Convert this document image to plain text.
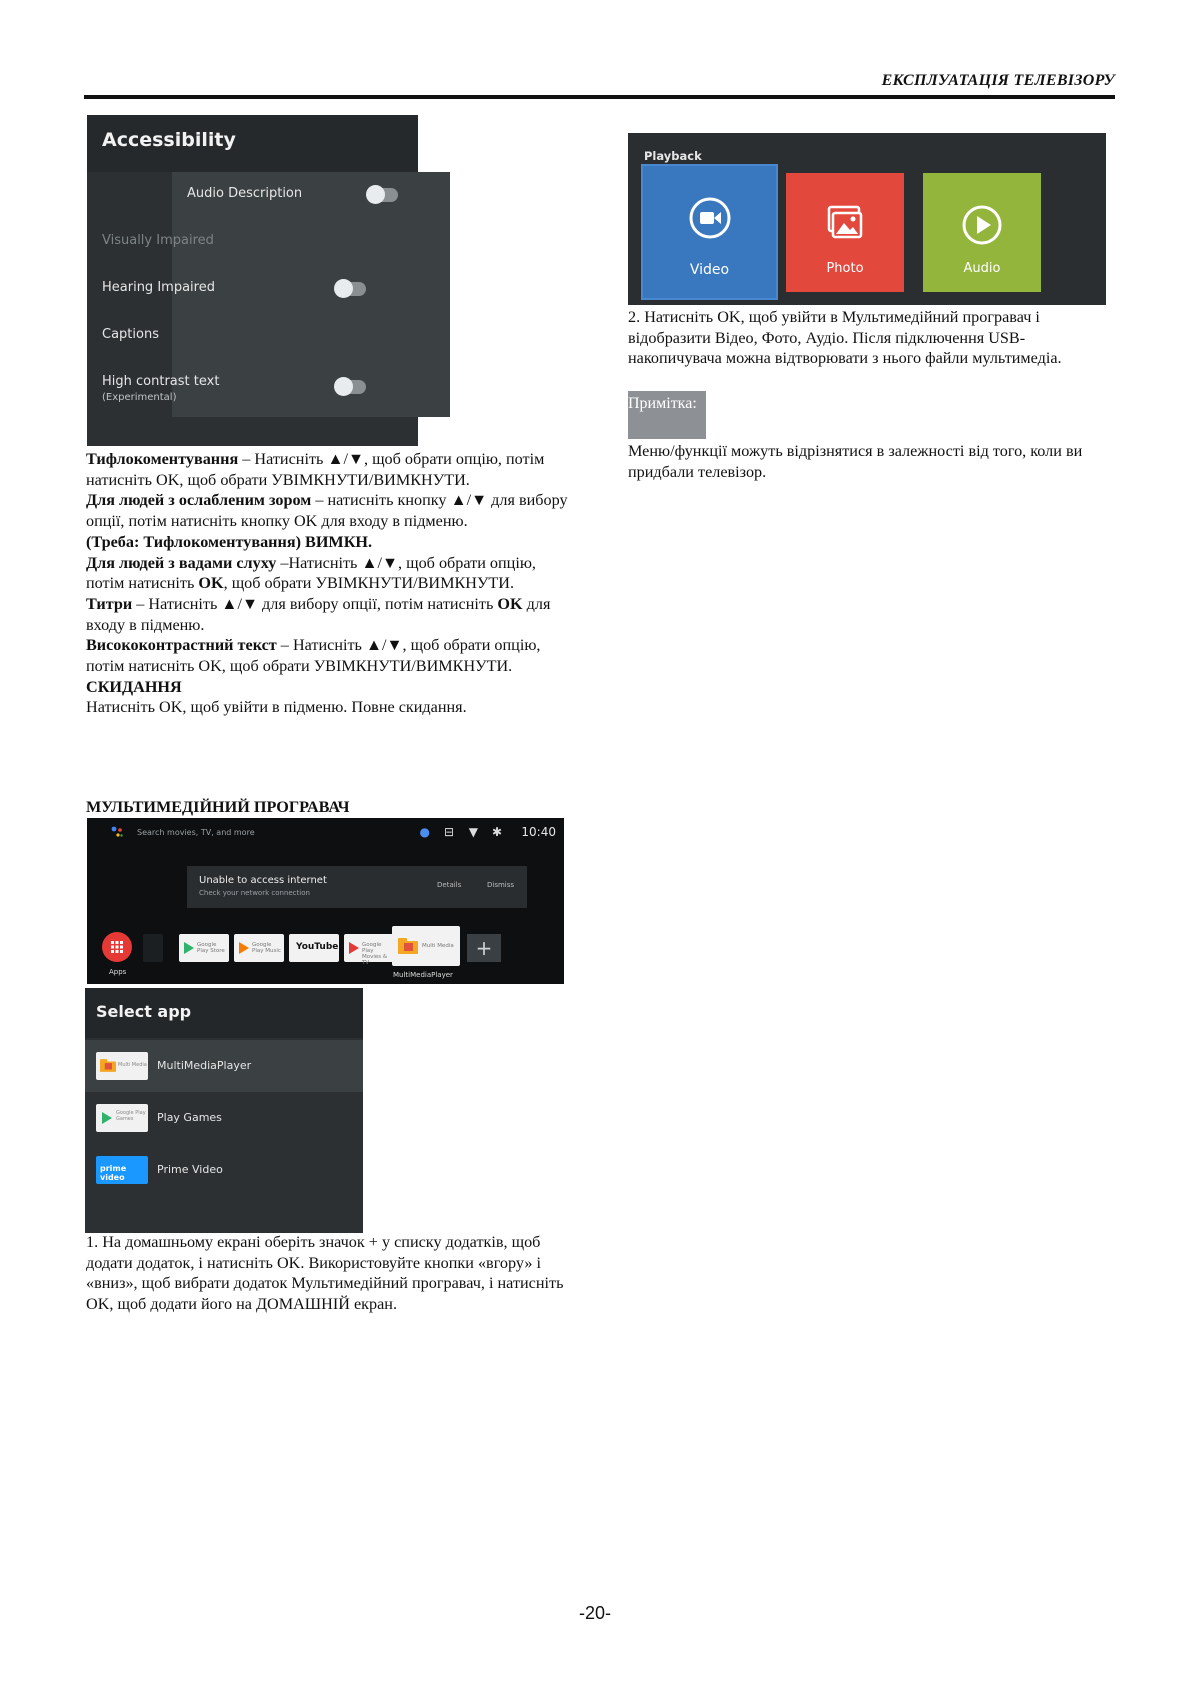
ЕКСПЛУАТАЦІЯ ТЕЛЕВІЗОРУ
Accessibility
Audio Description
Visually Impaired
Hearing Impaired
Captions
High contrast text
(Experimental)

Тифлокоментування – Натисніть ▲/▼, щоб обрати опцію, потім натисніть OK, щоб обрати УВІМКНУТИ/ВИМКНУТИ.

Для людей з ослабленим зором – натисніть кнопку ▲/▼ для вибору опції, потім натисніть кнопку OK для входу в підменю.

(Треба: Тифлокоментування) ВИМКН.

Для людей з вадами слуху –Натисніть ▲/▼, щоб обрати опцію, потім натисніть OK, щоб обрати УВІМКНУТИ/ВИМКНУТИ.

Титри – Натисніть ▲/▼ для вибору опції, потім натисніть OK для входу в підменю.

Висококонтрастний текст – Натисніть ▲/▼, щоб обрати опцію, потім натисніть OK, щоб обрати УВІМКНУТИ/ВИМКНУТИ.

СКИДАННЯ

Натисніть OK, щоб увійти в підменю. Повне скидання.

МУЛЬТИМЕДІЙНИЙ ПРОГРАВАЧ
Search movies, TV, and more	● ⊟ ▼ ✱ 10:40
Unable to access internet
Check your network connection
Details	Dismiss
Apps
Google Play Store
Google Play Music	YouTube	Google Play Movies & TV
Multi Media
MultiMediaPlayer
+
Select app
Multi Media MultiMediaPlayer
Google Play Games	Play Games
prime video
Prime Video
1. На домашньому екрані оберіть значок + у списку додатків, щоб додати додаток, і натисніть OK. Використовуйте кнопки «вгору» і «вниз», щоб вибрати додаток Мультимедійний програвач, і натисніть OK, щоб додати його на ДОМАШНІЙ екран.
Playback
Video	Photo	Audio
2. Натисніть OK, щоб увійти в Мультимедійний програвач і відобразити Відео, Фото, Аудіо. Після підключення USB-накопичувача можна відтворювати з нього файли мультимедіа.
Примітка:
Меню/функції можуть відрізнятися в залежності від того, коли ви придбали телевізор.
-20-
